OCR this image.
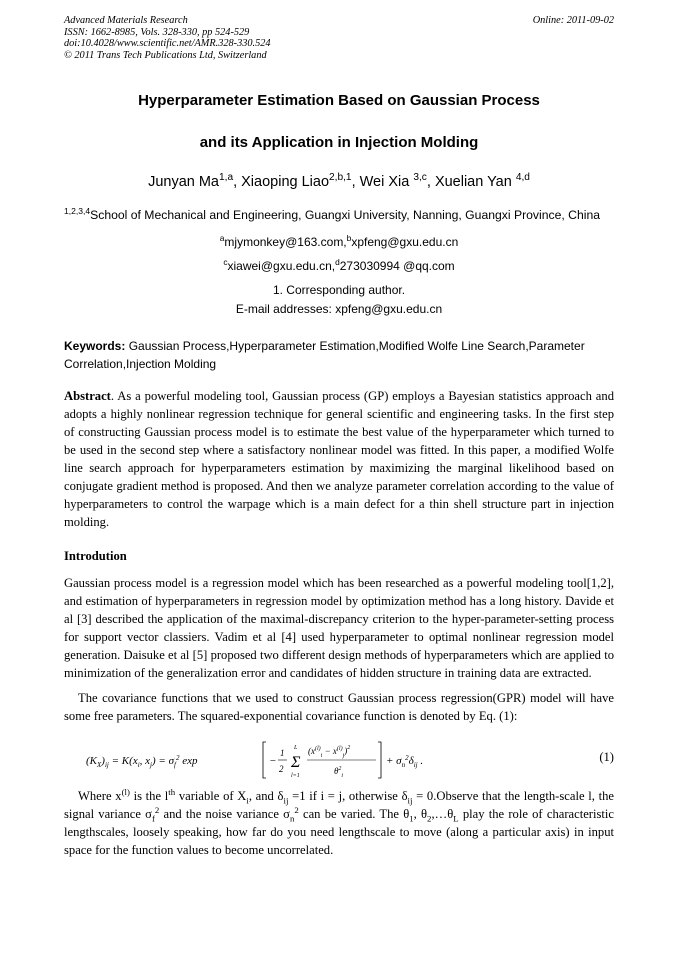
Advanced Materials Research
ISSN: 1662-8985, Vols. 328-330, pp 524-529
doi:10.4028/www.scientific.net/AMR.328-330.524
© 2011 Trans Tech Publications Ltd, Switzerland
Online: 2011-09-02
Hyperparameter Estimation Based on Gaussian Process
and its Application in Injection Molding
Junyan Ma$^{1,a}$, Xiaoping Liao$^{2,b,1}$, Wei Xia $^{3,c}$, Xuelian Yan $^{4,d}$
$^{1,2,3,4}$School of Mechanical and Engineering, Guangxi University, Nanning, Guangxi Province, China
$^a$mjymonkey@163.com,$^b$xpfeng@gxu.edu.cn
$^c$xiawei@gxu.edu.cn,$^d$273030994 @qq.com
1. Corresponding author.
E-mail addresses: xpfeng@gxu.edu.cn
Keywords: Gaussian Process,Hyperparameter Estimation,Modified Wolfe Line Search,Parameter Correlation,Injection Molding
Abstract. As a powerful modeling tool, Gaussian process (GP) employs a Bayesian statistics approach and adopts a highly nonlinear regression technique for general scientific and engineering tasks. In the first step of constructing Gaussian process model is to estimate the best value of the hyperparameter which turned to be used in the second step where a satisfactory nonlinear model was fitted. In this paper, a modified Wolfe line search approach for hyperparameters estimation by maximizing the marginal likelihood based on conjugate gradient method is proposed. And then we analyze parameter correlation according to the value of hyperparameters to control the warpage which is a main defect for a thin shell structure part in injection molding.
Introdution
Gaussian process model is a regression model which has been researched as a powerful modeling tool[1,2], and estimation of hyperparameters in regression model by optimization method has a long history. Davide et al [3] described the application of the maximal-discrepancy criterion to the hyper-parameter-setting process for support vector classiers. Vadim et al [4] used hyperparameter to optimal nonlinear regression model generation. Daisuke et al [5] proposed two different design methods of hyperparameters which are applied to minimization of the generalization error and candidates of hidden structure in training data are extracted.
The covariance functions that we used to construct Gaussian process regression(GPR) model will have some free parameters. The squared-exponential covariance function is denoted by Eq. (1):
$(K_X)_{ij} = K(x_i$, $x_j) = \sigma_f^2$ exp	−
1
2 Σ
L
l=1
$(x^{(l)}_i - x^{(l)}_j)^2$
$\theta^2_i$
+ $\sigma_n^2\delta_{ij}$ .	(1)
Where $x^{(l)}$ is the $l^{th}$ variable of $X_i$, and $\delta_{ij} =1$ if i = j, otherwise $\delta_{ij}$ = 0.Observe that the length-scale l, the signal variance $\sigma_f^2$ and the noise variance $\sigma_n^2$ can be varied. The $\theta_1$, $\theta_2,\dots\theta_L$ play the role of characteristic lengthscales, loosely speaking, how far do you need lengthscale to move (along a particular axis) in input space for the function values to become uncorrelated.
